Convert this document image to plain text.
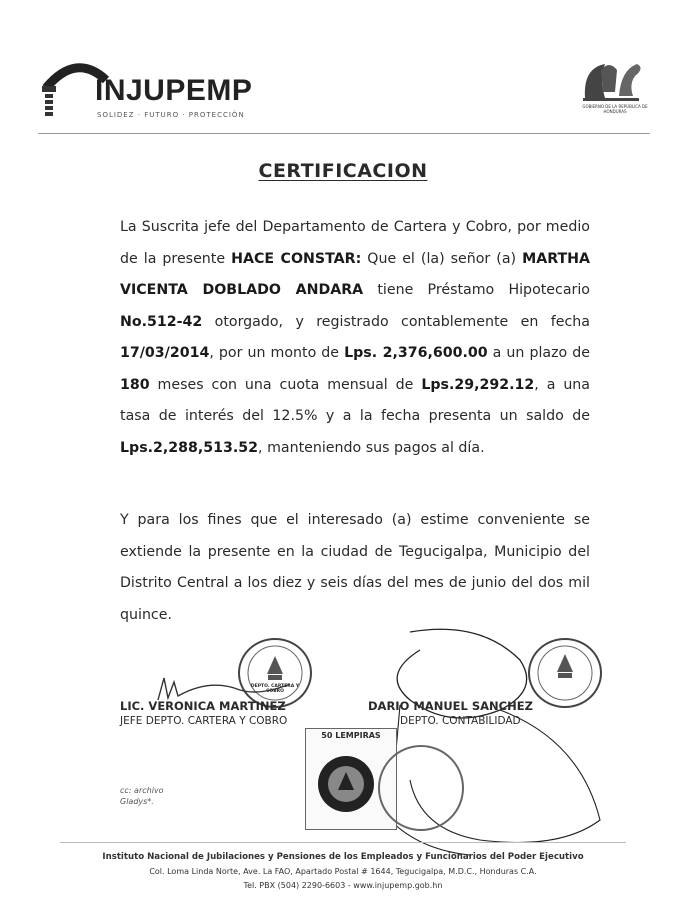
INJUPEMP
SOLIDEZ · FUTURO · PROTECCIÓN
GOBIERNO DE LA REPÚBLICA DE HONDURAS
CERTIFICACION
La Suscrita jefe del Departamento de Cartera y Cobro, por medio de la presente HACE CONSTAR: Que el (la) señor (a) MARTHA VICENTA DOBLADO ANDARA tiene Préstamo Hipotecario No.512-42 otorgado, y registrado contablemente en fecha 17/03/2014, por un monto de Lps. 2,376,600.00 a un plazo de 180 meses con una cuota mensual de Lps.29,292.12, a una tasa de interés del 12.5% y a la fecha presenta un saldo de Lps.2,288,513.52, manteniendo sus pagos al día.
Y para los fines que el interesado (a) estime conveniente se extiende la presente en la ciudad de Tegucigalpa, Municipio del Distrito Central a los diez y seis días del mes de junio del dos mil quince.
DEPTO. CARTERA Y COBRO
LIC. VERONICA MARTINEZ
JEFE DEPTO. CARTERA Y COBRO
DARIO MANUEL SANCHEZ
DEPTO. CONTABILIDAD
50 LEMPIRAS
cc: archivo
Gladys*.
Instituto Nacional de Jubilaciones y Pensiones de los Empleados y Funcionarios del Poder Ejecutivo
Col. Loma Linda Norte, Ave. La FAO, Apartado Postal # 1644, Tegucigalpa, M.D.C., Honduras C.A.
Tel. PBX (504) 2290-6603 - www.injupemp.gob.hn
